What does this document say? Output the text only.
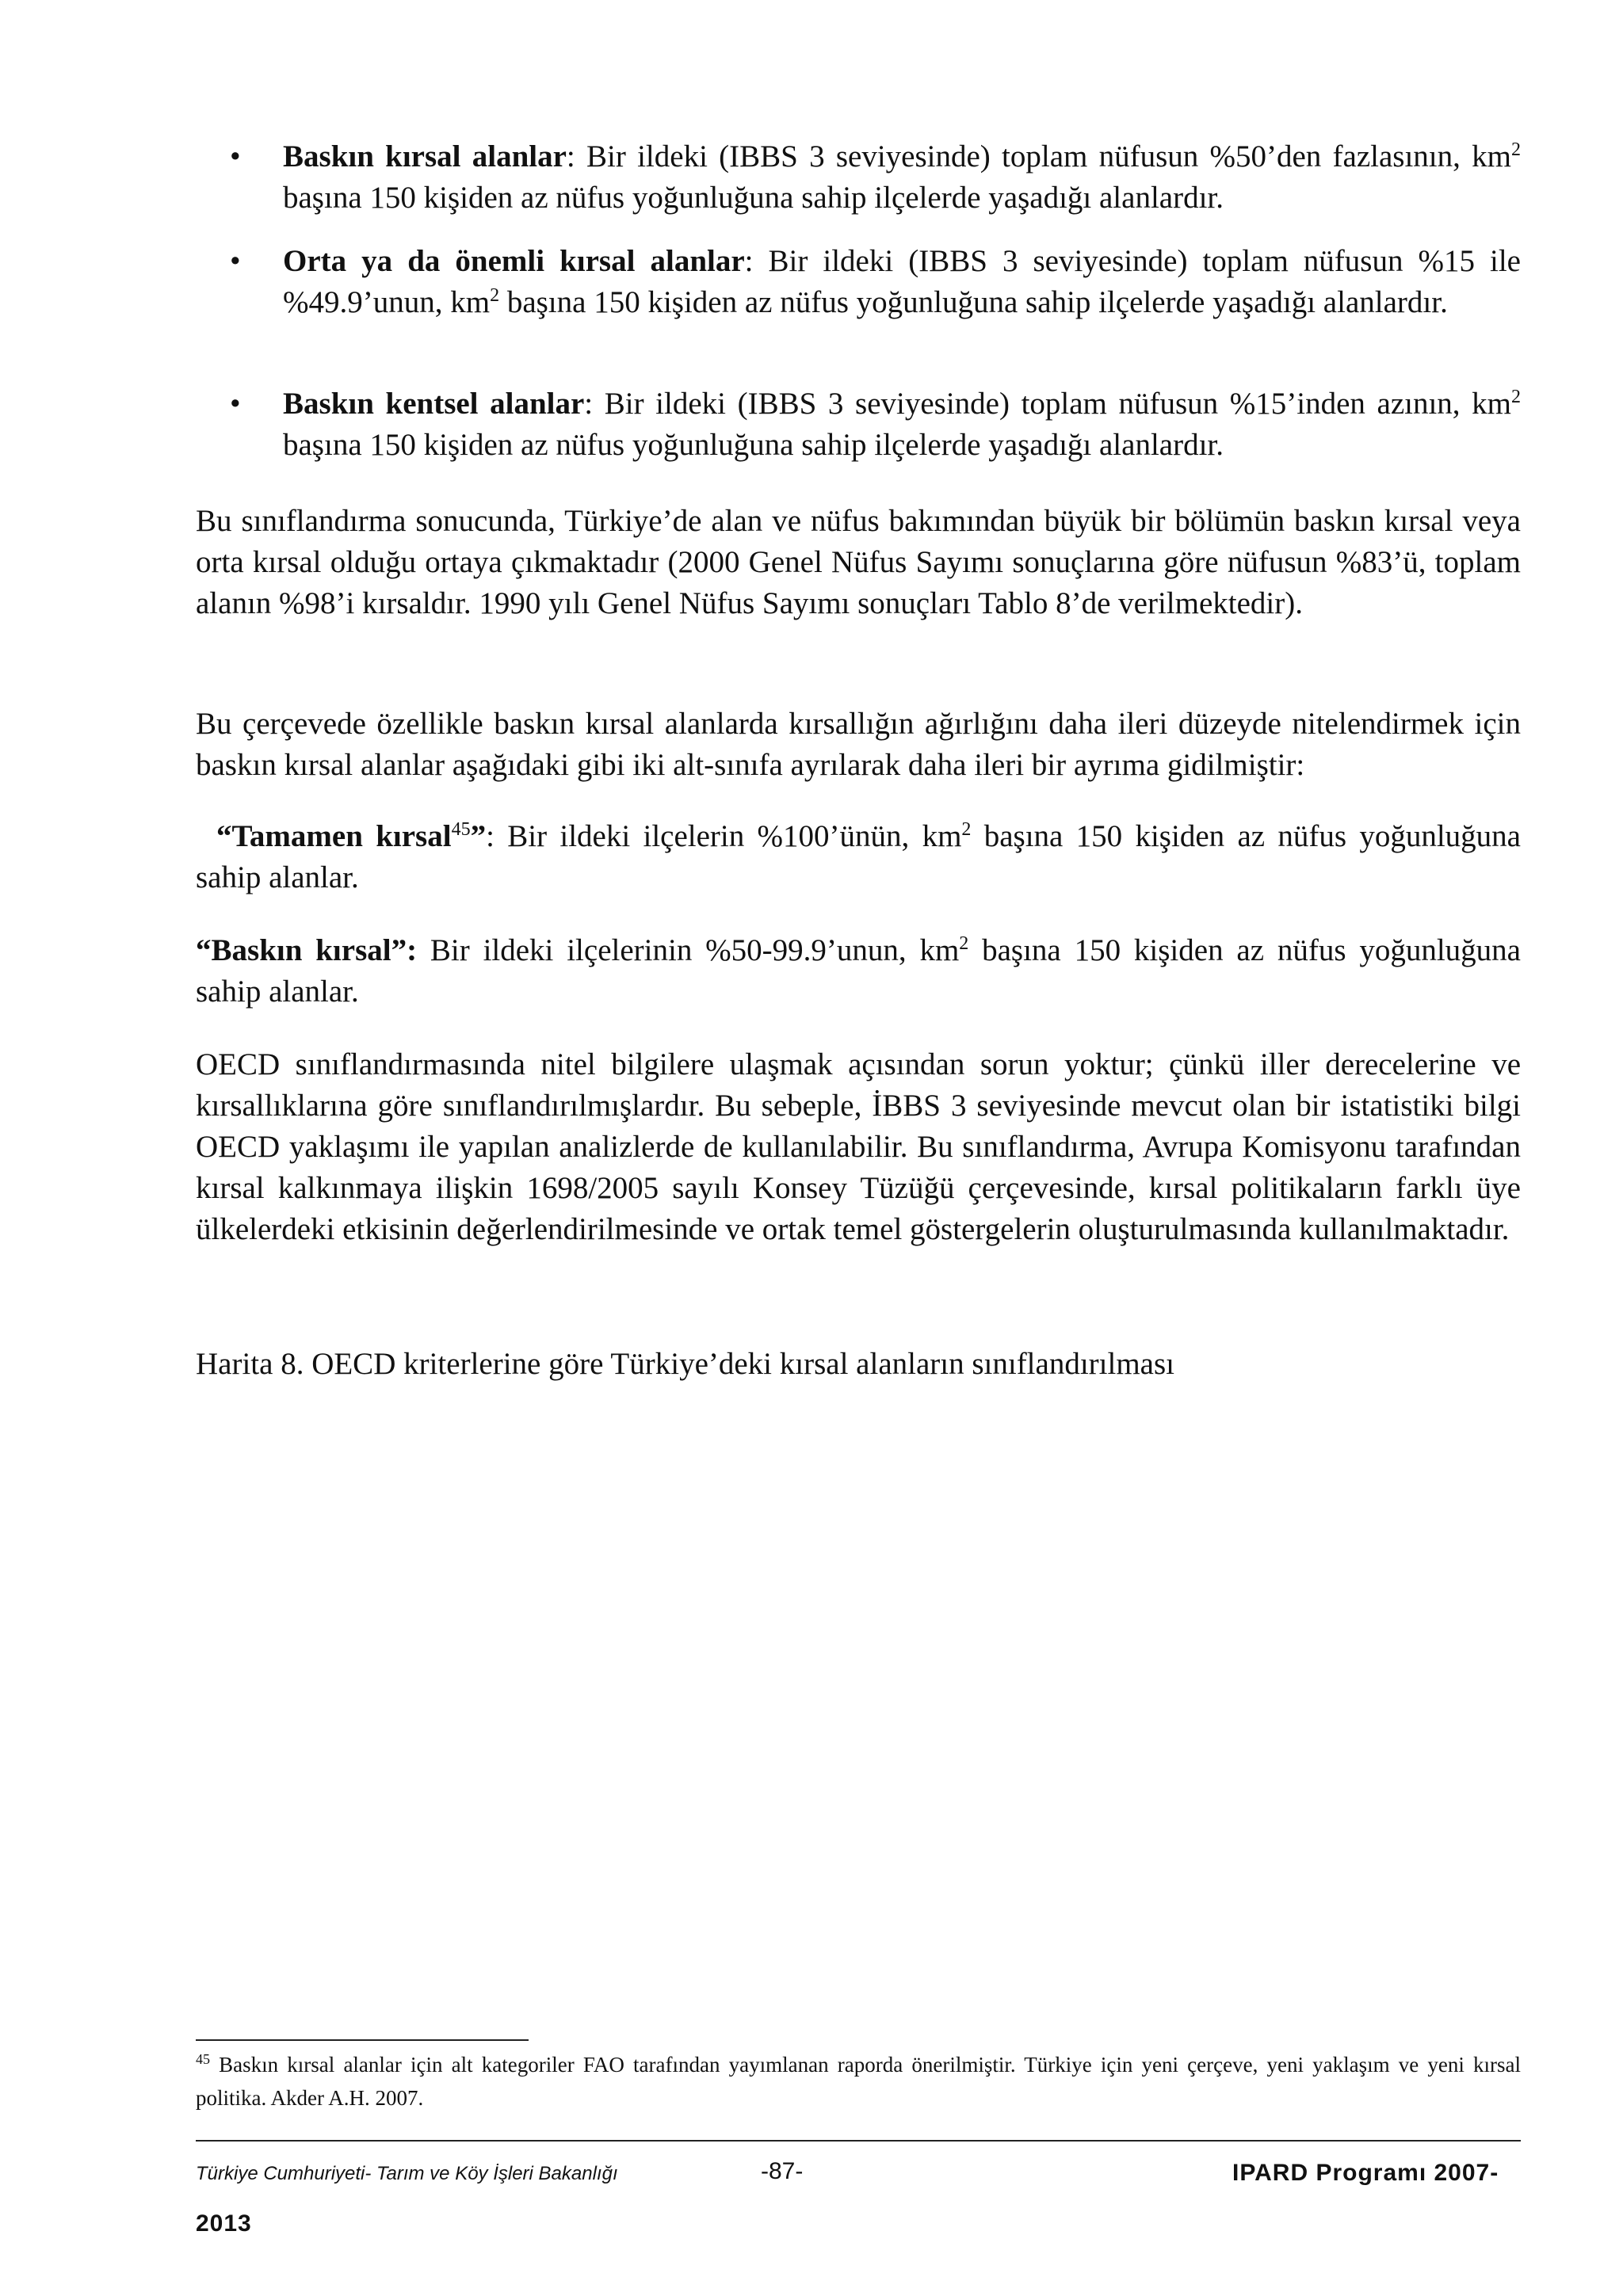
•	Baskın kırsal alanlar: Bir ildeki (IBBS 3 seviyesinde) toplam nüfusun %50’den fazlasının, $km^2$ başına 150 kişiden az nüfus yoğunluğuna sahip ilçelerde yaşadığı alanlardır.
•	Orta ya da önemli kırsal alanlar: Bir ildeki (IBBS 3 seviyesinde) toplam nüfusun %15 ile %49.9’unun, $km^2$ başına 150 kişiden az nüfus yoğunluğuna sahip ilçelerde yaşadığı alanlardır.
•	Baskın kentsel alanlar: Bir ildeki (IBBS 3 seviyesinde) toplam nüfusun %15’inden azının, $km^2$ başına 150 kişiden az nüfus yoğunluğuna sahip ilçelerde yaşadığı alanlardır.
Bu sınıflandırma sonucunda, Türkiye’de alan ve nüfus bakımından büyük bir bölümün baskın kırsal veya orta kırsal olduğu ortaya çıkmaktadır (2000 Genel Nüfus Sayımı sonuçlarına göre nüfusun %83’ü, toplam alanın %98’i kırsaldır. 1990 yılı Genel Nüfus Sayımı sonuçları Tablo 8’de verilmektedir).
Bu çerçevede özellikle baskın kırsal alanlarda kırsallığın ağırlığını daha ileri düzeyde nitelendirmek için baskın kırsal alanlar aşağıdaki gibi iki alt-sınıfa ayrılarak daha ileri bir ayrıma gidilmiştir:
“Tamamen kırsal$^{45}$”: Bir ildeki ilçelerin %100’ünün, $km^2$ başına 150 kişiden az nüfus yoğunluğuna sahip alanlar.
“Baskın kırsal”: Bir ildeki ilçelerinin %50-99.9’unun, $km^2$ başına 150 kişiden az nüfus yoğunluğuna sahip alanlar.
OECD sınıflandırmasında nitel bilgilere ulaşmak açısından sorun yoktur; çünkü iller derecelerine ve kırsallıklarına göre sınıflandırılmışlardır. Bu sebeple, İBBS 3 seviyesinde mevcut olan bir istatistiki bilgi OECD yaklaşımı ile yapılan analizlerde de kullanılabilir. Bu sınıflandırma, Avrupa Komisyonu tarafından kırsal kalkınmaya ilişkin 1698/2005 sayılı Konsey Tüzüğü çerçevesinde, kırsal politikaların farklı üye ülkelerdeki etkisinin değerlendirilmesinde ve ortak temel göstergelerin oluşturulmasında kullanılmaktadır.
Harita 8. OECD kriterlerine göre Türkiye’deki kırsal alanların sınıflandırılması
$^{45}$ Baskın kırsal alanlar için alt kategoriler FAO tarafından yayımlanan raporda önerilmiştir. Türkiye için yeni çerçeve, yeni yaklaşım ve yeni kırsal politika. Akder A.H. 2007.
Türkiye Cumhuriyeti- Tarım ve Köy İşleri Bakanlığı	-87-	IPARD Programı 2007-
2013
